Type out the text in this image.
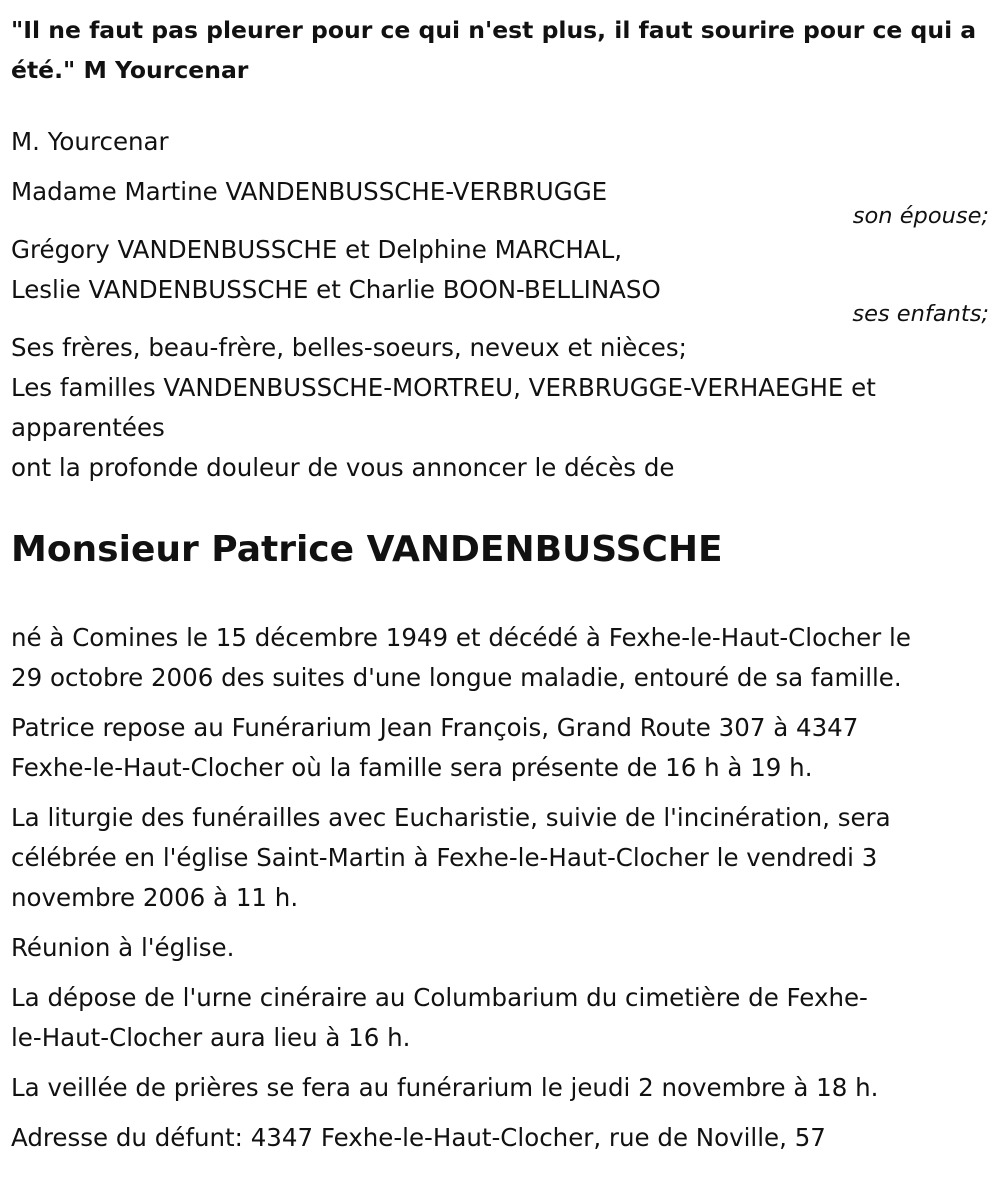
"Il ne faut pas pleurer pour ce qui n'est plus, il faut sourire pour ce qui a été." M Yourcenar

M. Yourcenar

Madame Martine VANDENBUSSCHE-VERBRUGGE

son épouse;

Grégory VANDENBUSSCHE et Delphine MARCHAL,

Leslie VANDENBUSSCHE et Charlie BOON-BELLINASO

ses enfants;

Ses frères, beau-frère, belles-soeurs, neveux et nièces;

Les familles VANDENBUSSCHE-MORTREU, VERBRUGGE-VERHAEGHE et

apparentées

ont la profonde douleur de vous annoncer le décès de

Monsieur Patrice VANDENBUSSCHE

né à Comines le 15 décembre 1949 et décédé à Fexhe-le-Haut-Clocher le

29 octobre 2006 des suites d'une longue maladie, entouré de sa famille.

Patrice repose au Funérarium Jean François, Grand Route 307 à 4347

Fexhe-le-Haut-Clocher où la famille sera présente de 16 h à 19 h.

La liturgie des funérailles avec Eucharistie, suivie de l'incinération, sera

célébrée en l'église Saint-Martin à Fexhe-le-Haut-Clocher le vendredi 3

novembre 2006 à 11 h.

Réunion à l'église.

La dépose de l'urne cinéraire au Columbarium du cimetière de Fexhe-

le-Haut-Clocher aura lieu à 16 h.

La veillée de prières se fera au funérarium le jeudi 2 novembre à 18 h.

Adresse du défunt: 4347 Fexhe-le-Haut-Clocher, rue de Noville, 57
